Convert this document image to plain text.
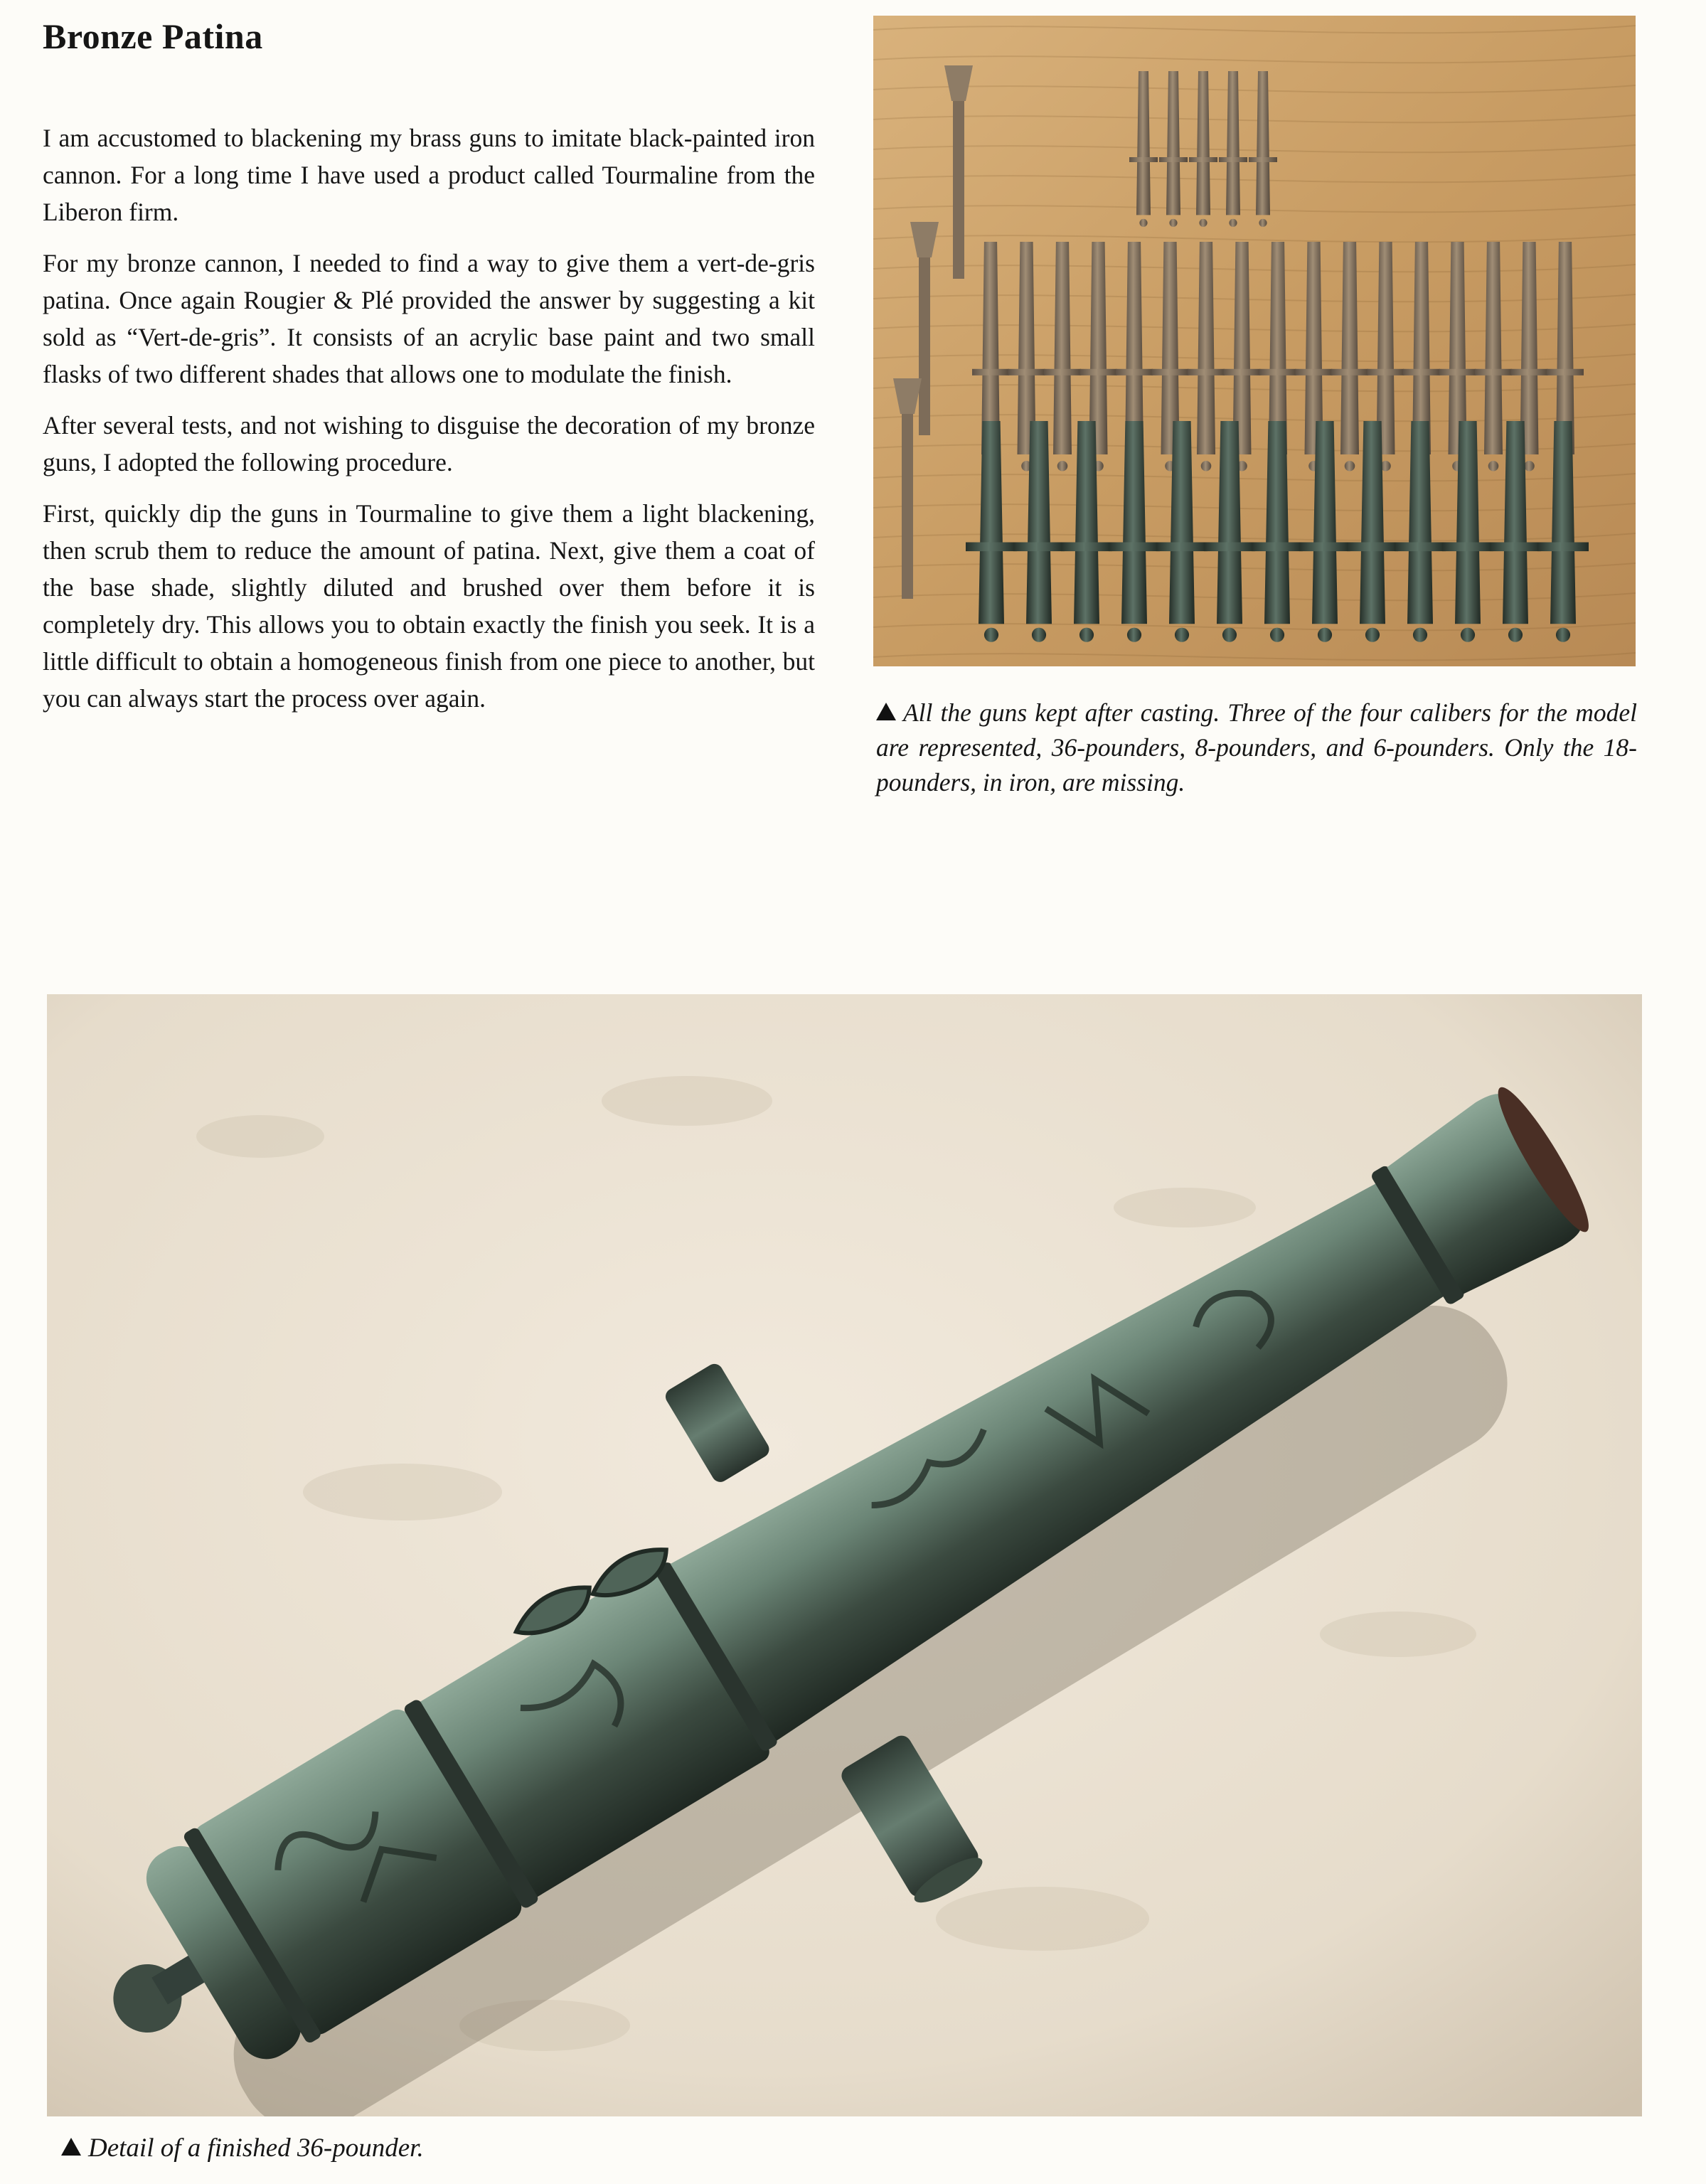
Bronze Patina

I am accustomed to blackening my brass guns to imitate black-painted iron cannon. For a long time I have used a product called Tourmaline from the Liberon firm.

For my bronze cannon, I needed to find a way to give them a vert-de-gris patina. Once again Rougier & Plé provided the answer by suggesting a kit sold as “Vert-de-gris”. It consists of an acrylic base paint and two small flasks of two different shades that allows one to modulate the finish.

After several tests, and not wishing to disguise the decoration of my bronze guns, I adopted the following procedure.

First, quickly dip the guns in Tourmaline to give them a light blackening, then scrub them to reduce the amount of patina. Next, give them a coat of the base shade, slightly diluted and brushed over them before it is completely dry. This allows you to obtain exactly the finish you seek. It is a little difficult to obtain a homogeneous finish from one piece to another, but you can always start the process over again.	All the guns kept after casting. Three of the four calibers for the model are represented, 36-pounders, 8-pounders, and 6-pounders. Only the 18-pounders, in iron, are missing.
Detail of a finished 36-pounder.
